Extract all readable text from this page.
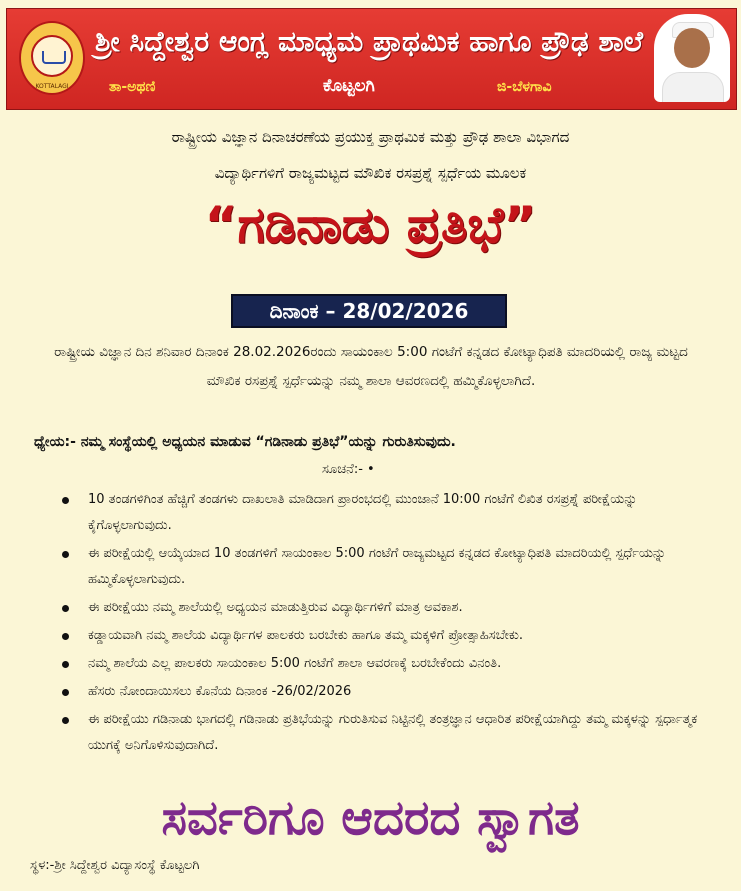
KOTTALAGI
ಶ್ರೀ ಸಿದ್ದೇಶ್ವರ ಆಂಗ್ಲ ಮಾಧ್ಯಮ ಪ್ರಾಥಮಿಕ ಹಾಗೂ ಪ್ರೌಢ ಶಾಲೆ
ತಾ-ಅಥಣಿ	ಕೊಟ್ಟಲಗಿ	ಜಿ-ಬೆಳಗಾವಿ
ರಾಷ್ಟ್ರೀಯ ವಿಜ್ಞಾನ ದಿನಾಚರಣೆಯ ಪ್ರಯುಕ್ತ ಪ್ರಾಥಮಿಕ ಮತ್ತು ಪ್ರೌಢ ಶಾಲಾ ವಿಭಾಗದ
ವಿದ್ಯಾರ್ಥಿಗಳಿಗೆ ರಾಜ್ಯಮಟ್ಟದ ಮೌಖಿಕ ರಸಪ್ರಶ್ನೆ ಸ್ಪರ್ಧೆಯ ಮೂಲಕ
“ಗಡಿನಾಡು ಪ್ರತಿಭೆ”
ದಿನಾಂಕ – 28/02/2026
ರಾಷ್ಟ್ರೀಯ ವಿಜ್ಞಾನ ದಿನ ಶನಿವಾರ ದಿನಾಂಕ 28.02.2026ರಂದು ಸಾಯಂಕಾಲ 5:00 ಗಂಟೆಗೆ ಕನ್ನಡದ ಕೋಟ್ಯಾಧಿಪತಿ ಮಾದರಿಯಲ್ಲಿ ರಾಜ್ಯ ಮಟ್ಟದ ಮೌಖಿಕ ರಸಪ್ರಶ್ನೆ ಸ್ಪರ್ಧೆಯನ್ನು ನಮ್ಮ ಶಾಲಾ ಆವರಣದಲ್ಲಿ ಹಮ್ಮಿಕೊಳ್ಳಲಾಗಿದೆ.
ಧ್ಯೇಯ:- ನಮ್ಮ ಸಂಸ್ಥೆಯಲ್ಲಿ ಅಧ್ಯಯನ ಮಾಡುವ “ಗಡಿನಾಡು ಪ್ರತಿಭೆ”ಯನ್ನು ಗುರುತಿಸುವುದು.
ಸೂಚನೆ:- •
10 ತಂಡಗಳಿಗಿಂತ ಹೆಚ್ಚಿಗೆ ತಂಡಗಳು ದಾಖಲಾತಿ ಮಾಡಿದಾಗ ಪ್ರಾರಂಭದಲ್ಲಿ ಮುಂಜಾನೆ 10:00 ಗಂಟೆಗೆ ಲಿಖಿತ ರಸಪ್ರಶ್ನೆ ಪರೀಕ್ಷೆಯನ್ನು ಕೈಗೊಳ್ಳಲಾಗುವುದು.
ಈ ಪರೀಕ್ಷೆಯಲ್ಲಿ ಆಯ್ಕೆಯಾದ 10 ತಂಡಗಳಿಗೆ ಸಾಯಂಕಾಲ 5:00 ಗಂಟೆಗೆ ರಾಜ್ಯಮಟ್ಟದ ಕನ್ನಡದ ಕೋಟ್ಯಾಧಿಪತಿ ಮಾದರಿಯಲ್ಲಿ ಸ್ಪರ್ಧೆಯನ್ನು ಹಮ್ಮಿಕೊಳ್ಳಲಾಗುವುದು.
ಈ ಪರೀಕ್ಷೆಯು ನಮ್ಮ ಶಾಲೆಯಲ್ಲಿ ಅಧ್ಯಯನ ಮಾಡುತ್ತಿರುವ ವಿದ್ಯಾರ್ಥಿಗಳಿಗೆ ಮಾತ್ರ ಅವಕಾಶ.
ಕಡ್ಡಾಯವಾಗಿ ನಮ್ಮ ಶಾಲೆಯ ವಿದ್ಯಾರ್ಥಿಗಳ ಪಾಲಕರು ಬರಬೇಕು ಹಾಗೂ ತಮ್ಮ ಮಕ್ಕಳಿಗೆ ಪ್ರೋತ್ಸಾಹಿಸಬೇಕು.
ನಮ್ಮ ಶಾಲೆಯ ಎಲ್ಲ ಪಾಲಕರು ಸಾಯಂಕಾಲ 5:00 ಗಂಟೆಗೆ ಶಾಲಾ ಆವರಣಕ್ಕೆ ಬರಬೇಕೆಂದು ವಿನಂತಿ.
ಹೆಸರು ನೋಂದಾಯಿಸಲು ಕೊನೆಯ ದಿನಾಂಕ -26/02/2026
ಈ ಪರೀಕ್ಷೆಯು ಗಡಿನಾಡು ಭಾಗದಲ್ಲಿ ಗಡಿನಾಡು ಪ್ರತಿಭೆಯನ್ನು ಗುರುತಿಸುವ ನಿಟ್ಟಿನಲ್ಲಿ ತಂತ್ರಜ್ಞಾನ ಆಧಾರಿತ ಪರೀಕ್ಷೆಯಾಗಿದ್ದು ತಮ್ಮ ಮಕ್ಕಳನ್ನು ಸ್ಪರ್ಧಾತ್ಮಕ ಯುಗಕ್ಕೆ ಅನಿಗೊಳಿಸುವುದಾಗಿದೆ.
ಸರ್ವರಿಗೂ ಆದರದ ಸ್ವಾಗತ
ಸ್ಥಳ:-ಶ್ರೀ ಸಿದ್ದೇಶ್ವರ ವಿದ್ಯಾಸಂಸ್ಥೆ ಕೊಟ್ಟಲಗಿ
